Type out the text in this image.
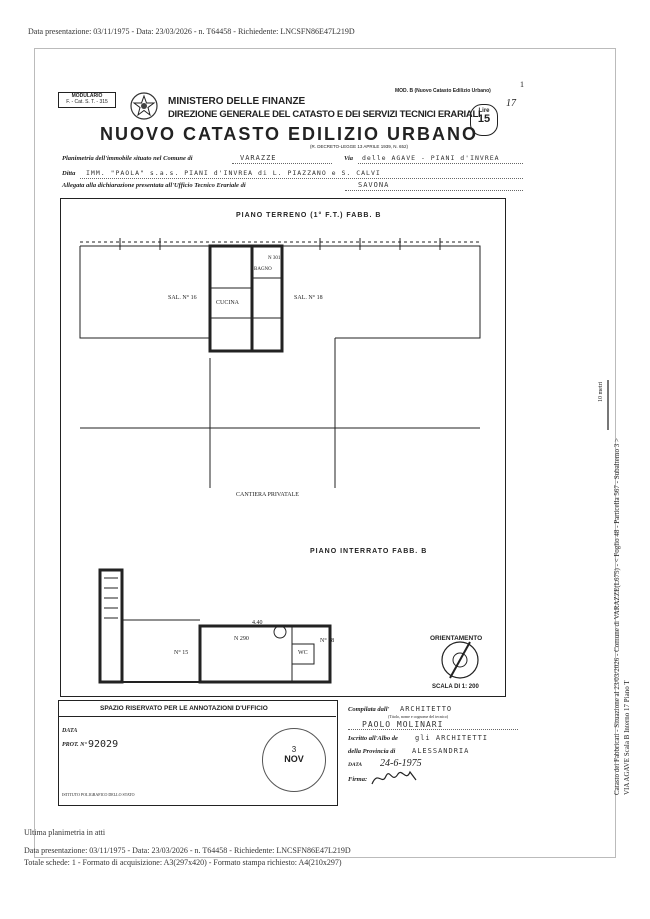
Data presentazione: 03/11/1975 - Data: 23/03/2026 - n. T64458 - Richiedente: LNCSFN86E47L219D
1
MODULARIO
F. - Cat. S. T. - 315	MINISTERO DELLE FINANZE
DIREZIONE GENERALE DEL CATASTO E DEI SERVIZI TECNICI ERARIALI
NUOVO CATASTO EDILIZIO URBANO
(R. DECRETO-LEGGE 13 APRILE 1939, N. 652)
MOD. B (Nuovo Catasto Edilizio Urbano)
Lire
15
17
Planimetria dell'immobile situato nel Comune di	VARAZZE	Via delle AGAVE - PIANI d'INVREA
Ditta IMM. "PAOLA" s.a.s. PIANI d'INVREA di L. PIAZZANO e S. CALVI
Allegata alla dichiarazione presentata all'Ufficio Tecnico Erariale di	SAVONA
PIANO TERRENO (1° F.T.) FABB. B
SAL. N° 16
CUCINA
BAGNO
N 301
SAL. N° 18
CANTIERA PRIVATALE
PIANO INTERRATO FABB. B
4.40
N° 15
N 290	N° 18
WC
ORIENTAMENTO
SCALA DI 1: 200
SPAZIO RISERVATO PER LE ANNOTAZIONI D'UFFICIO
DATA
PROT. N° 92029
ISTITUTO POLIGRAFICO DELLO STATO
3
NOV
Compilata dall' ARCHITETTO
(Titolo, nome e cognome del tecnico)
PAOLO MOLINARI
Iscritto all'Albo de gli ARCHITETTI
della Provincia di ALESSANDRIA
DATA 24-6-1975
Firma:	Catasto dei Fabbricati - Situazione al 23/03/2026 - Comune di VARAZZE(L675) - < Foglio 48 - Particella 567 - Subalterno 3 > VIA AGAVE Scala B Interno 17 Piano T
10 metri
Ultima planimetria in atti
Data presentazione: 03/11/1975 - Data: 23/03/2026 - n. T64458 - Richiedente: LNCSFN86E47L219D
Totale schede: 1 - Formato di acquisizione: A3(297x420) - Formato stampa richiesto: A4(210x297)
